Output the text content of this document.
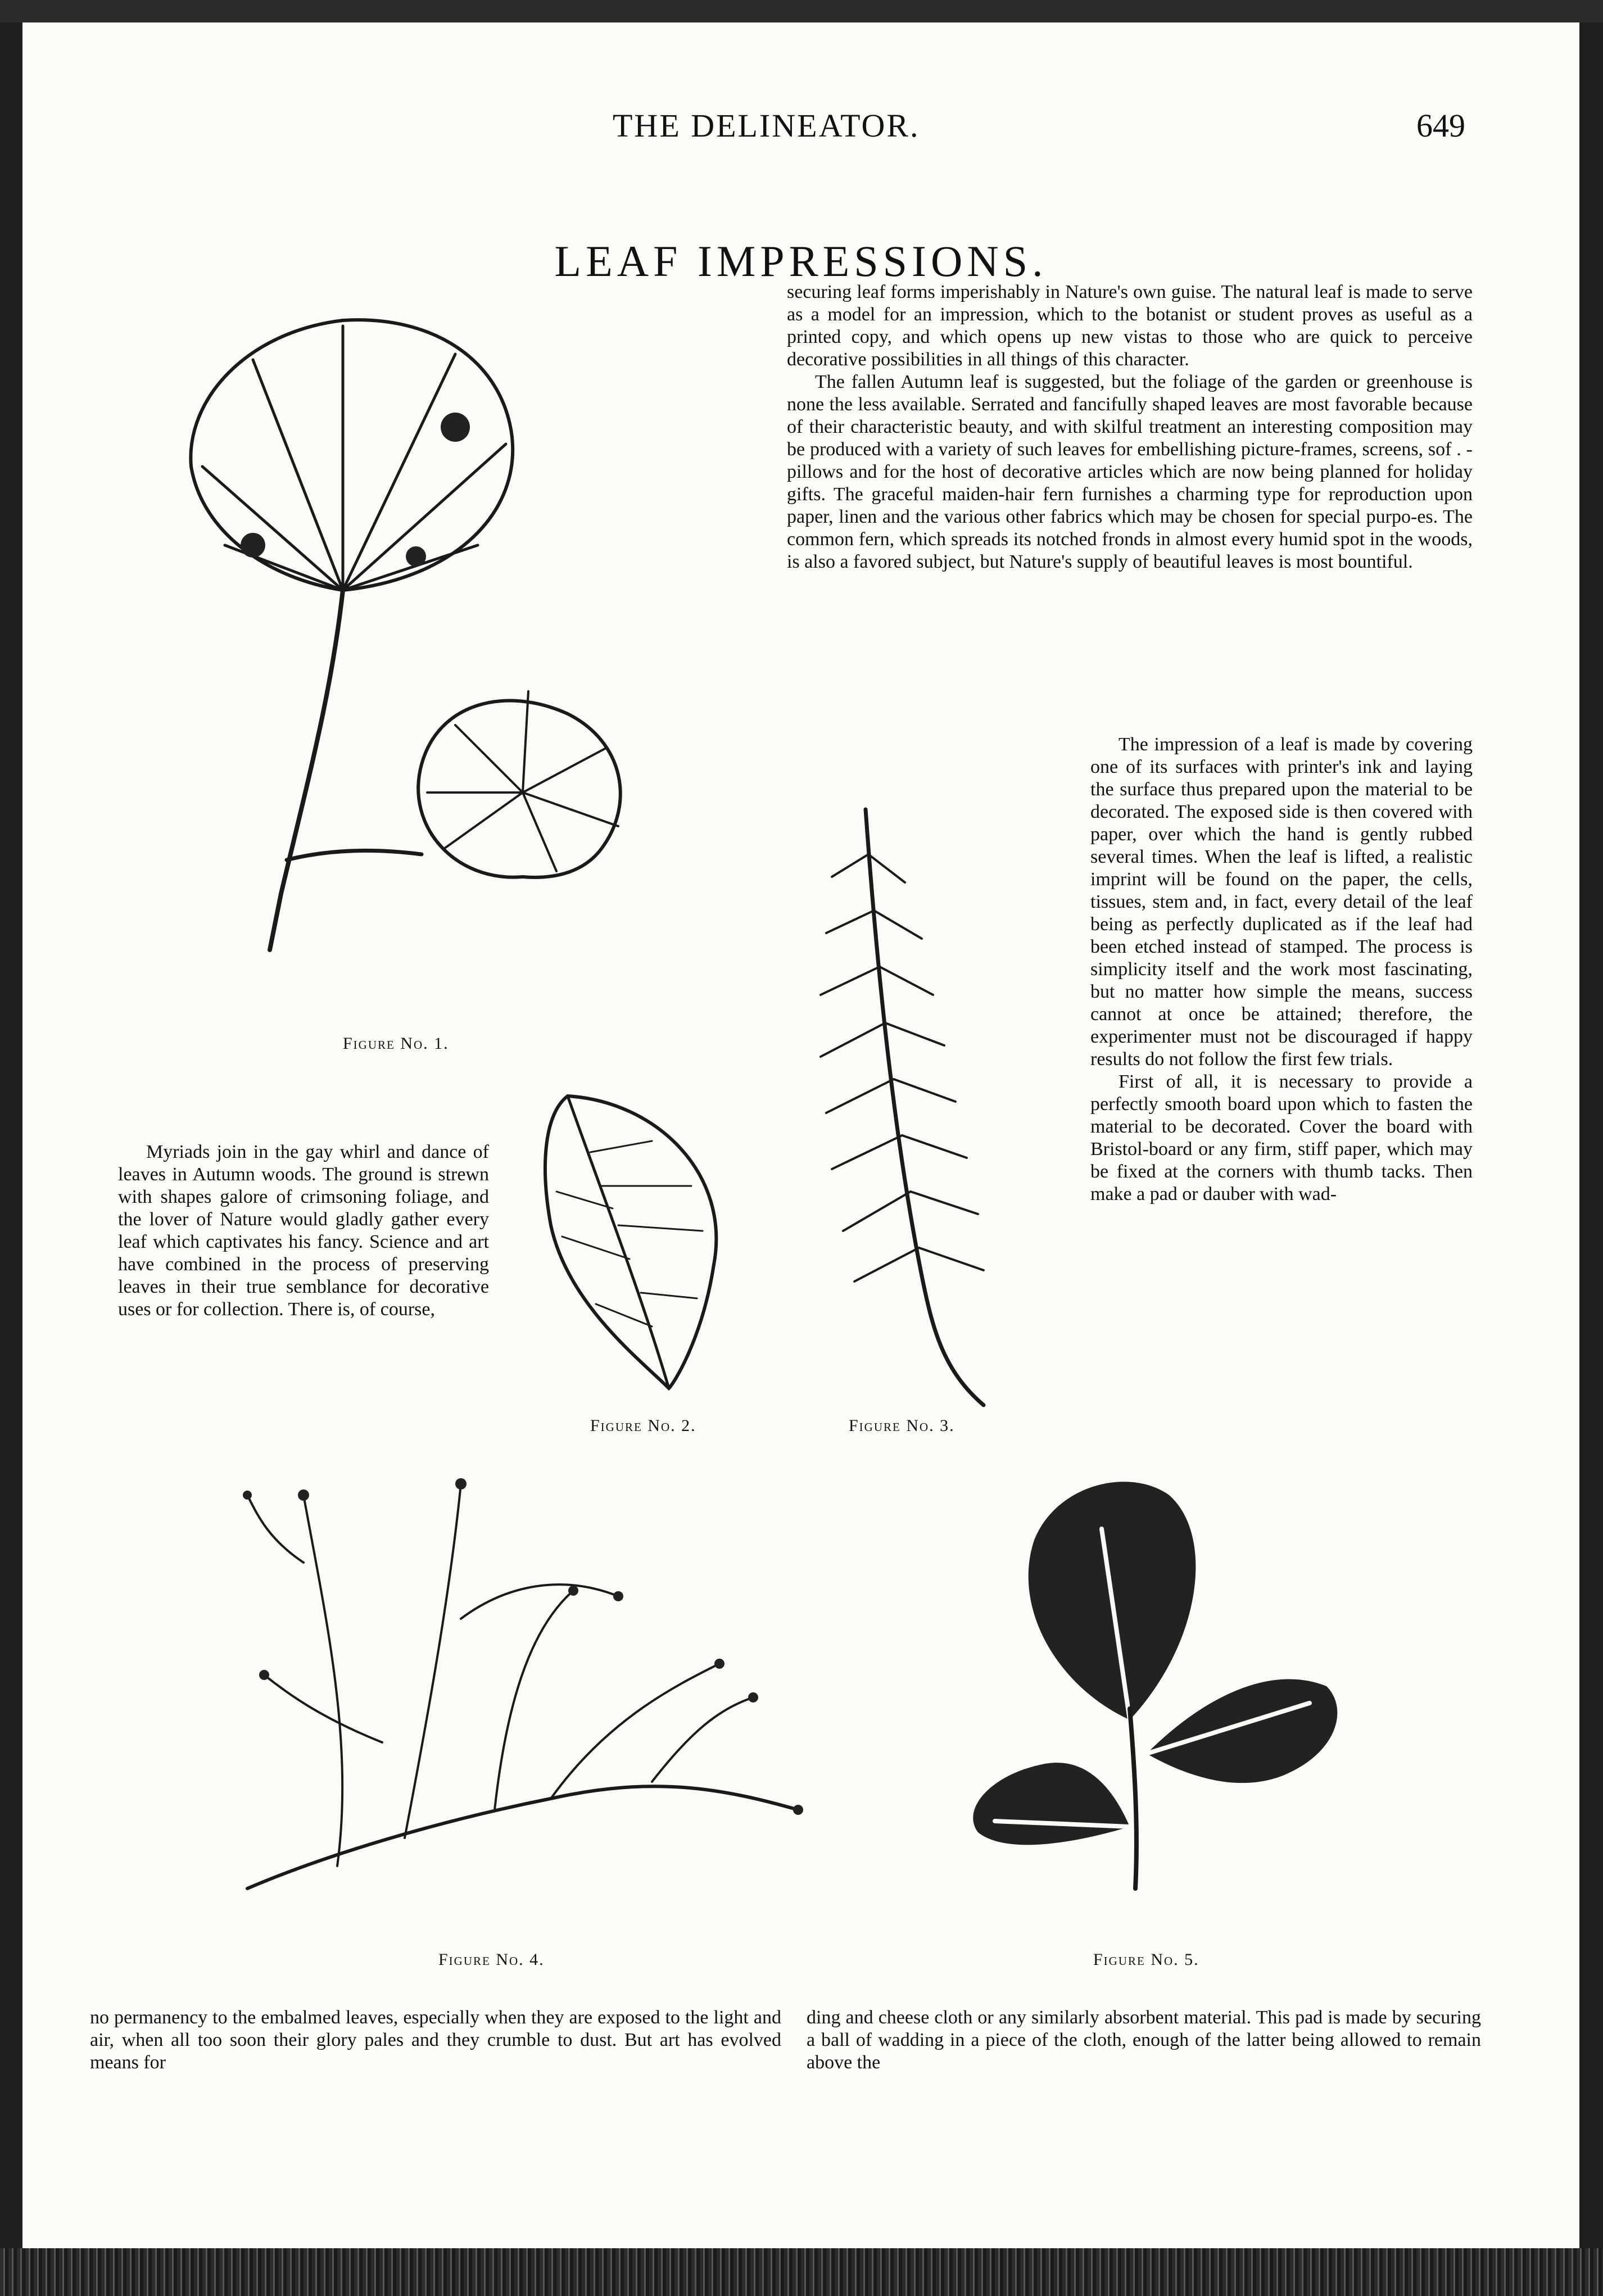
THE DELINEATOR.	649
LEAF IMPRESSIONS.
Figure No. 1.

securing leaf forms imperishably in Nature's own guise. The natural leaf is made to serve as a model for an impression, which to the botanist or student proves as useful as a printed copy, and which opens up new vistas to those who are quick to perceive decorative possibilities in all things of this character.

The fallen Autumn leaf is suggested, but the foliage of the garden or greenhouse is none the less available. Serrated and fancifully shaped leaves are most favorable because of their characteristic beauty, and with skilful treatment an interesting composition may be produced with a variety of such leaves for embellishing picture-frames, screens, sof . - pillows and for the host of decorative articles which are now being planned for holiday gifts. The graceful maiden-hair fern furnishes a charming type for reproduction upon paper, linen and the various other fabrics which may be chosen for special purpo-es. The common fern, which spreads its notched fronds in almost every humid spot in the woods, is also a favored subject, but Nature's supply of beautiful leaves is most bountiful.

Figure No. 3.

The impression of a leaf is made by covering one of its surfaces with printer's ink and laying the surface thus prepared upon the material to be decorated. The exposed side is then covered with paper, over which the hand is gently rubbed several times. When the leaf is lifted, a realistic imprint will be found on the paper, the cells, tissues, stem and, in fact, every detail of the leaf being as perfectly duplicated as if the leaf had been etched instead of stamped. The process is simplicity itself and the work most fascinating, but no matter how simple the means, success cannot at once be attained; therefore, the experimenter must not be discouraged if happy results do not follow the first few trials.

First of all, it is necessary to provide a perfectly smooth board upon which to fasten the material to be decorated. Cover the board with Bristol-board or any firm, stiff paper, which may be fixed at the corners with thumb tacks. Then make a pad or dauber with wad-

Myriads join in the gay whirl and dance of leaves in Autumn woods. The ground is strewn with shapes galore of crimsoning foliage, and the lover of Nature would gladly gather every leaf which captivates his fancy. Science and art have combined in the process of preserving leaves in their true semblance for decorative uses or for collection. There is, of course,

Figure No. 2.
Figure No. 4.	Figure No. 5.

no permanency to the embalmed leaves, especially when they are exposed to the light and air, when all too soon their glory pales and they crumble to dust. But art has evolved means for

ding and cheese cloth or any similarly absorbent material. This pad is made by securing a ball of wadding in a piece of the cloth, enough of the latter being allowed to remain above the
